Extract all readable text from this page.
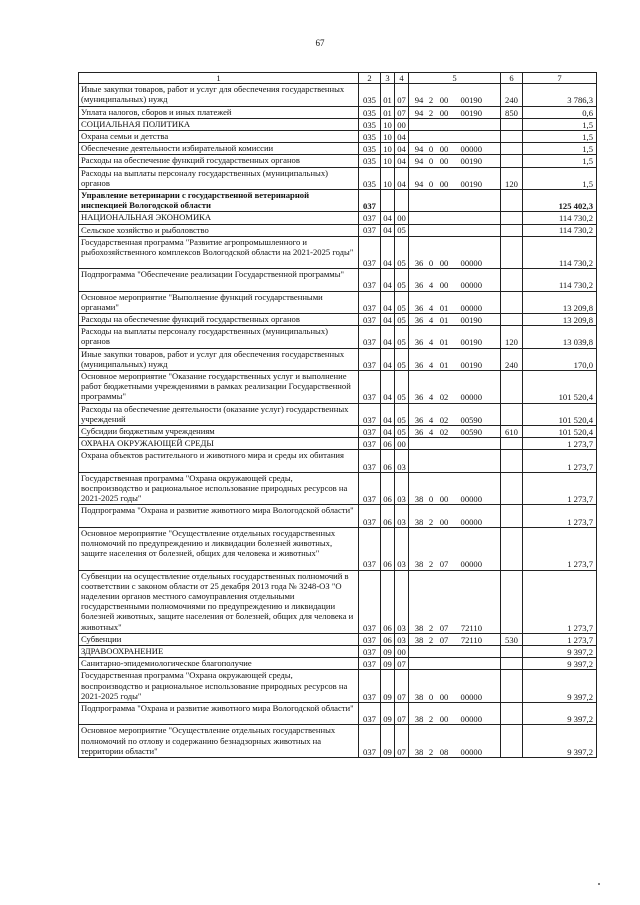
67
1	2	3	4	5	6	7
Иные закупки товаров, работ и услуг для обеспечения государственных (муниципальных) нужд	035	01	07	94 2 00 00190	240	3 786,3
Уплата налогов, сборов и иных платежей	035	01	07	94 2 00 00190	850	0,6
СОЦИАЛЬНАЯ ПОЛИТИКА	035	10	00			1,5
Охрана семьи и детства	035	10	04			1,5
Обеспечение деятельности избирательной комиссии	035	10	04	94 0 00 00000		1,5
Расходы на обеспечение функций государственных органов	035	10	04	94 0 00 00190		1,5
Расходы на выплаты персоналу государственных (муниципальных) органов	035	10	04	94 0 00 00190	120	1,5
Управление ветеринарии с государственной ветеринарной инспекцией Вологодской области	037					125 402,3
НАЦИОНАЛЬНАЯ ЭКОНОМИКА	037	04	00			114 730,2
Сельское хозяйство и рыболовство	037	04	05			114 730,2
Государственная программа "Развитие агропромышленного и рыбохозяйственного комплексов Вологодской области на 2021-2025 годы"	037	04	05	36 0 00 00000		114 730,2
Подпрограмма "Обеспечение реализации Государственной программы"	037	04	05	36 4 00 00000		114 730,2
Основное мероприятие "Выполнение функций государственными органами"	037	04	05	36 4 01 00000		13 209,8
Расходы на обеспечение функций государственных органов	037	04	05	36 4 01 00190		13 209,8
Расходы на выплаты персоналу государственных (муниципальных) органов	037	04	05	36 4 01 00190	120	13 039,8
Иные закупки товаров, работ и услуг для обеспечения государственных (муниципальных) нужд	037	04	05	36 4 01 00190	240	170,0
Основное мероприятие "Оказание государственных услуг и выполнение работ бюджетными учреждениями в рамках реализации Государственной программы"	037	04	05	36 4 02 00000		101 520,4
Расходы на обеспечение деятельности (оказание услуг) государственных учреждений	037	04	05	36 4 02 00590		101 520,4
Субсидии бюджетным учреждениям	037	04	05	36 4 02 00590	610	101 520,4
ОХРАНА ОКРУЖАЮЩЕЙ СРЕДЫ	037	06	00			1 273,7
Охрана объектов растительного и животного мира и среды их обитания	037	06	03			1 273,7
Государственная программа "Охрана окружающей среды, воспроизводство и рациональное использование природных ресурсов на 2021-2025 годы"	037	06	03	38 0 00 00000		1 273,7
Подпрограмма "Охрана и развитие животного мира Вологодской области"	037	06	03	38 2 00 00000		1 273,7
Основное мероприятие "Осуществление отдельных государственных полномочий по предупреждению и ликвидации болезней животных, защите населения от болезней, общих для человека и животных"	037	06	03	38 2 07 00000		1 273,7
Субвенции на осуществление отдельных государственных полномочий в соответствии с законом области от 25 декабря 2013 года № 3248-ОЗ "О наделении органов местного самоуправления отдельными государственными полномочиями по предупреждению и ликвидации болезней животных, защите населения от болезней, общих для человека и животных"	037	06	03	38 2 07 72110		1 273,7
Субвенции	037	06	03	38 2 07 72110	530	1 273,7
ЗДРАВООХРАНЕНИЕ	037	09	00			9 397,2
Санитарно-эпидемиологическое благополучие	037	09	07			9 397,2
Государственная программа "Охрана окружающей среды, воспроизводство и рациональное использование природных ресурсов на 2021-2025 годы"	037	09	07	38 0 00 00000		9 397,2
Подпрограмма "Охрана и развитие животного мира Вологодской области"	037	09	07	38 2 00 00000		9 397,2
Основное мероприятие "Осуществление отдельных государственных полномочий по отлову и содержанию безнадзорных животных на территории области"	037	09	07	38 2 08 00000		9 397,2
